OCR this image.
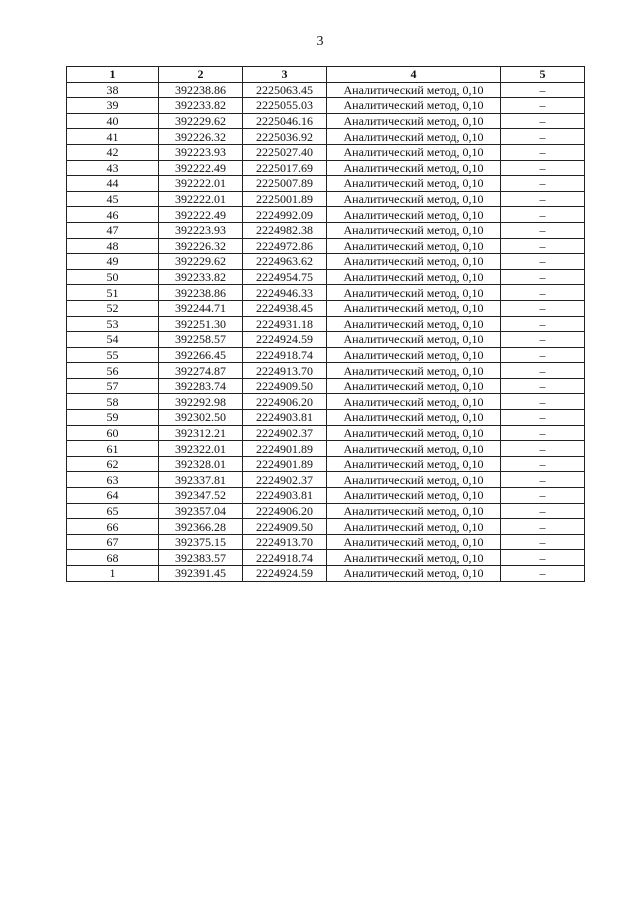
3
1	2	3	4	5
38	392238.86	2225063.45	Аналитический метод, 0,10	–
39	392233.82	2225055.03	Аналитический метод, 0,10	–
40	392229.62	2225046.16	Аналитический метод, 0,10	–
41	392226.32	2225036.92	Аналитический метод, 0,10	–
42	392223.93	2225027.40	Аналитический метод, 0,10	–
43	392222.49	2225017.69	Аналитический метод, 0,10	–
44	392222.01	2225007.89	Аналитический метод, 0,10	–
45	392222.01	2225001.89	Аналитический метод, 0,10	–
46	392222.49	2224992.09	Аналитический метод, 0,10	–
47	392223.93	2224982.38	Аналитический метод, 0,10	–
48	392226.32	2224972.86	Аналитический метод, 0,10	–
49	392229.62	2224963.62	Аналитический метод, 0,10	–
50	392233.82	2224954.75	Аналитический метод, 0,10	–
51	392238.86	2224946.33	Аналитический метод, 0,10	–
52	392244.71	2224938.45	Аналитический метод, 0,10	–
53	392251.30	2224931.18	Аналитический метод, 0,10	–
54	392258.57	2224924.59	Аналитический метод, 0,10	–
55	392266.45	2224918.74	Аналитический метод, 0,10	–
56	392274.87	2224913.70	Аналитический метод, 0,10	–
57	392283.74	2224909.50	Аналитический метод, 0,10	–
58	392292.98	2224906.20	Аналитический метод, 0,10	–
59	392302.50	2224903.81	Аналитический метод, 0,10	–
60	392312.21	2224902.37	Аналитический метод, 0,10	–
61	392322.01	2224901.89	Аналитический метод, 0,10	–
62	392328.01	2224901.89	Аналитический метод, 0,10	–
63	392337.81	2224902.37	Аналитический метод, 0,10	–
64	392347.52	2224903.81	Аналитический метод, 0,10	–
65	392357.04	2224906.20	Аналитический метод, 0,10	–
66	392366.28	2224909.50	Аналитический метод, 0,10	–
67	392375.15	2224913.70	Аналитический метод, 0,10	–
68	392383.57	2224918.74	Аналитический метод, 0,10	–
1	392391.45	2224924.59	Аналитический метод, 0,10	–
